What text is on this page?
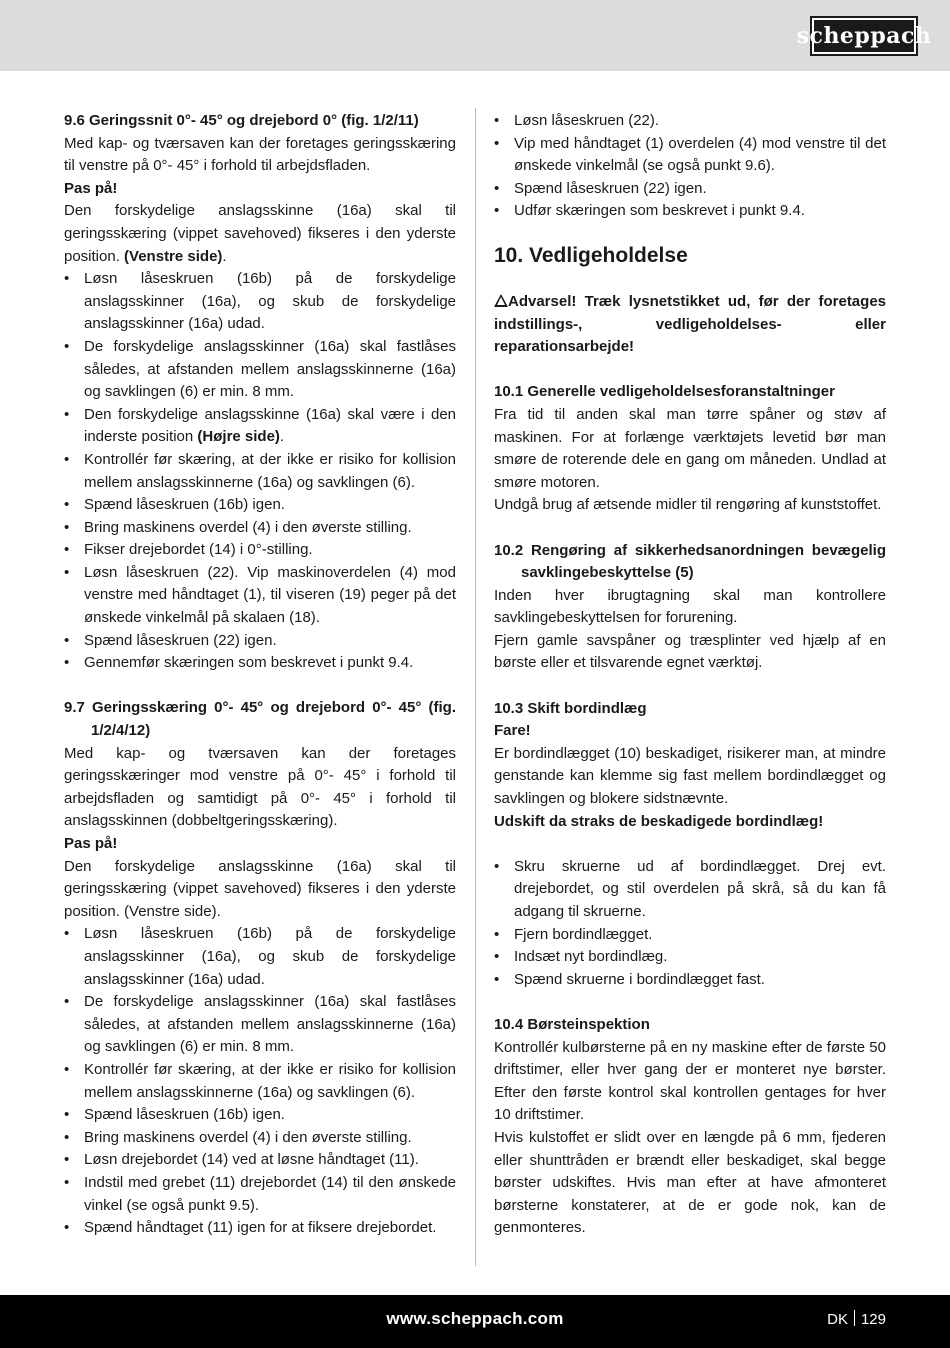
scheppach

9.6 Geringssnit 0°- 45° og drejebord 0° (fig. 1/2/11)

Med kap- og tværsaven kan der foretages geringsskæring til venstre på 0°- 45° i forhold til arbejdsfladen.

Pas på!

Den forskydelige anslagsskinne (16a) skal til geringsskæring (vippet savehoved) fikseres i den yderste position. (Venstre side).

• Løsn låseskruen (16b) på de forskydelige anslagsskinner (16a), og skub de forskydelige anslagsskinner (16a) udad.
• De forskydelige anslagsskinner (16a) skal fastlåses således, at afstanden mellem anslagsskinnerne (16a) og savklingen (6) er min. 8 mm.
• Den forskydelige anslagsskinne (16a) skal være i den inderste position (Højre side).
• Kontrollér før skæring, at der ikke er risiko for kollision mellem anslagsskinnerne (16a) og savklingen (6).
• Spænd låseskruen (16b) igen.
• Bring maskinens overdel (4) i den øverste stilling.
• Fikser drejebordet (14) i 0°-stilling.
• Løsn låseskruen (22). Vip maskinoverdelen (4) mod venstre med håndtaget (1), til viseren (19) peger på det ønskede vinkelmål på skalaen (18).
• Spænd låseskruen (22) igen.
• Gennemfør skæringen som beskrevet i punkt 9.4.

9.7 Geringsskæring 0°- 45° og drejebord 0°- 45° (fig. 1/2/4/12)

Med kap- og tværsaven kan der foretages geringsskæringer mod venstre på 0°- 45° i forhold til arbejdsfladen og samtidigt på 0°- 45° i forhold til anslagsskinnen (dobbeltgeringsskæring).

Pas på!

Den forskydelige anslagsskinne (16a) skal til geringsskæring (vippet savehoved) fikseres i den yderste position. (Venstre side).

• Løsn låseskruen (16b) på de forskydelige anslagsskinner (16a), og skub de forskydelige anslagsskinner (16a) udad.
• De forskydelige anslagsskinner (16a) skal fastlåses således, at afstanden mellem anslagsskinnerne (16a) og savklingen (6) er min. 8 mm.
• Kontrollér før skæring, at der ikke er risiko for kollision mellem anslagsskinnerne (16a) og savklingen (6).
• Spænd låseskruen (16b) igen.
• Bring maskinens overdel (4) i den øverste stilling.
• Løsn drejebordet (14) ved at løsne håndtaget (11).
• Indstil med grebet (11) drejebordet (14) til den ønskede vinkel (se også punkt 9.5).
• Spænd håndtaget (11) igen for at fiksere drejebordet.
• Løsn låseskruen (22).
• Vip med håndtaget (1) overdelen (4) mod venstre til det ønskede vinkelmål (se også punkt 9.6).
• Spænd låseskruen (22) igen.
• Udfør skæringen som beskrevet i punkt 9.4.
10. Vedligeholdelse

Advarsel! Træk lysnetstikket ud, før der foretages indstillings-, vedligeholdelses- eller reparationsarbejde!

10.1 Generelle vedligeholdelsesforanstaltninger

Fra tid til anden skal man tørre spåner og støv af maskinen. For at forlænge værktøjets levetid bør man smøre de roterende dele en gang om måneden. Undlad at smøre motoren.

Undgå brug af ætsende midler til rengøring af kunststoffet.

10.2 Rengøring af sikkerhedsanordningen bevægelig savklingebeskyttelse (5)

Inden hver ibrugtagning skal man kontrollere savklingebeskyttelsen for forurening.

Fjern gamle savspåner og træsplinter ved hjælp af en børste eller et tilsvarende egnet værktøj.

10.3 Skift bordindlæg

Fare!

Er bordindlægget (10) beskadiget, risikerer man, at mindre genstande kan klemme sig fast mellem bordindlægget og savklingen og blokere sidstnævnte.

Udskift da straks de beskadigede bordindlæg!

• Skru skruerne ud af bordindlægget. Drej evt. drejebordet, og stil overdelen på skrå, så du kan få adgang til skruerne.
• Fjern bordindlægget.
• Indsæt nyt bordindlæg.
• Spænd skruerne i bordindlægget fast.

10.4 Børsteinspektion

Kontrollér kulbørsterne på en ny maskine efter de første 50 driftstimer, eller hver gang der er monteret nye børster. Efter den første kontrol skal kontrollen gentages for hver 10 driftstimer.

Hvis kulstoffet er slidt over en længde på 6 mm, fjederen eller shunttråden er brændt eller beskadiget, skal begge børster udskiftes. Hvis man efter at have afmonteret børsterne konstaterer, at de er gode nok, kan de genmonteres.

www.scheppach.com	DK 129
